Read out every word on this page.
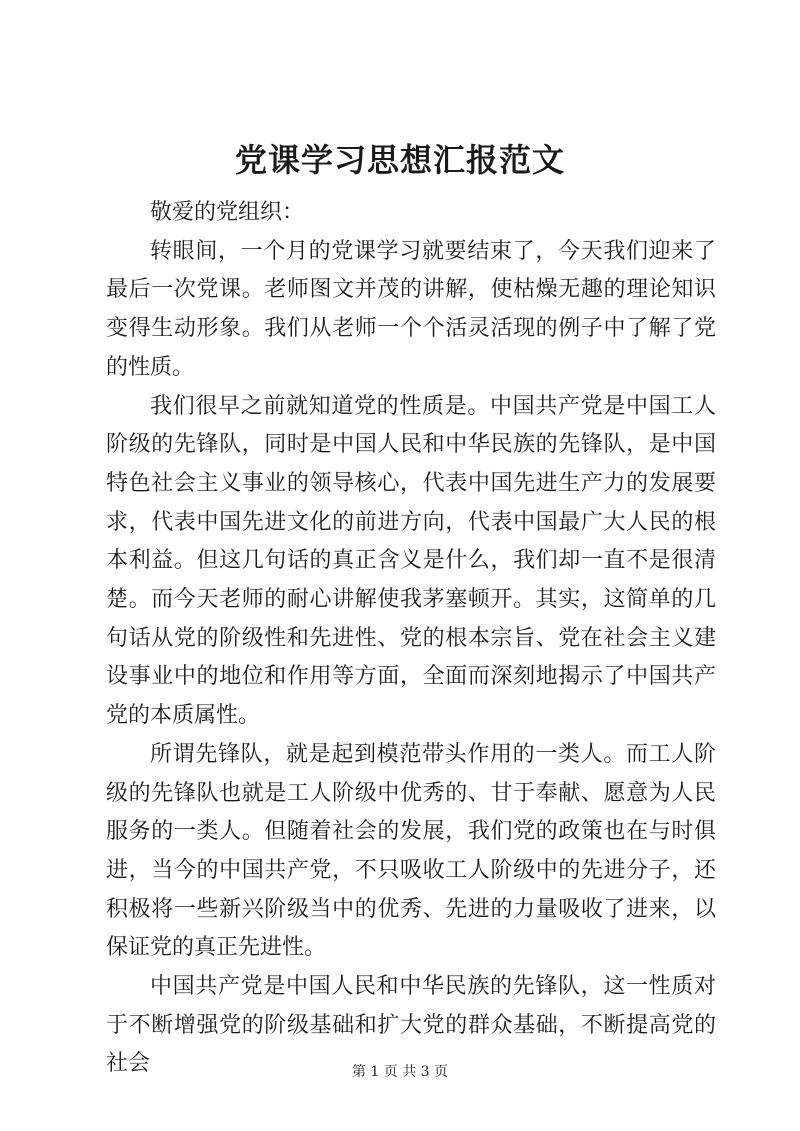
党课学习思想汇报范文

敬爱的党组织：

转眼间，一个月的党课学习就要结束了，今天我们迎来了最后一次党课。老师图文并茂的讲解，使枯燥无趣的理论知识变得生动形象。我们从老师一个个活灵活现的例子中了解了党的性质。

我们很早之前就知道党的性质是。中国共产党是中国工人阶级的先锋队，同时是中国人民和中华民族的先锋队，是中国特色社会主义事业的领导核心，代表中国先进生产力的发展要求，代表中国先进文化的前进方向，代表中国最广大人民的根本利益。但这几句话的真正含义是什么，我们却一直不是很清楚。而今天老师的耐心讲解使我茅塞顿开。其实，这简单的几句话从党的阶级性和先进性、党的根本宗旨、党在社会主义建设事业中的地位和作用等方面，全面而深刻地揭示了中国共产党的本质属性。

所谓先锋队，就是起到模范带头作用的一类人。而工人阶级的先锋队也就是工人阶级中优秀的、甘于奉献、愿意为人民服务的一类人。但随着社会的发展，我们党的政策也在与时俱进，当今的中国共产党，不只吸收工人阶级中的先进分子，还积极将一些新兴阶级当中的优秀、先进的力量吸收了进来，以保证党的真正先进性。

中国共产党是中国人民和中华民族的先锋队，这一性质对于不断增强党的阶级基础和扩大党的群众基础，不断提高党的社会	第 1 页 共 3 页
